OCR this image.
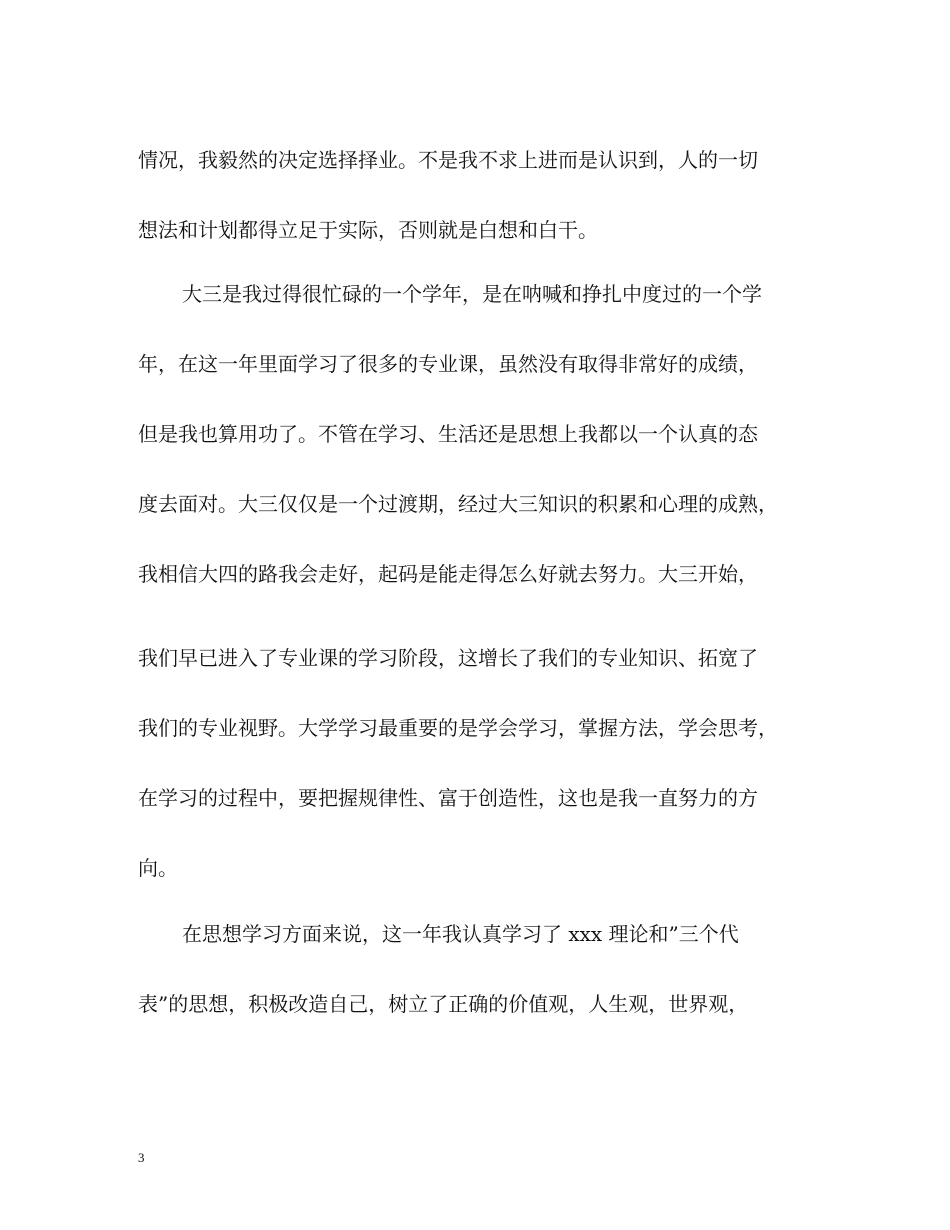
情况，我毅然的决定选择择业。不是我不求上进而是认识到，人的一切
想法和计划都得立足于实际，否则就是白想和白干。
大三是我过得很忙碌的一个学年，是在呐喊和挣扎中度过的一个学
年，在这一年里面学习了很多的专业课，虽然没有取得非常好的成绩，
但是我也算用功了。不管在学习、生活还是思想上我都以一个认真的态
度去面对。大三仅仅是一个过渡期，经过大三知识的积累和心理的成熟，
我相信大四的路我会走好，起码是能走得怎么好就去努力。大三开始，
我们早已进入了专业课的学习阶段，这增长了我们的专业知识、拓宽了
我们的专业视野。大学学习最重要的是学会学习，掌握方法，学会思考，
在学习的过程中，要把握规律性、富于创造性，这也是我一直努力的方
向。
在思想学习方面来说，这一年我认真学习了 xxx 理论和”三个代
表”的思想，积极改造自己，树立了正确的价值观，人生观，世界观，
3
